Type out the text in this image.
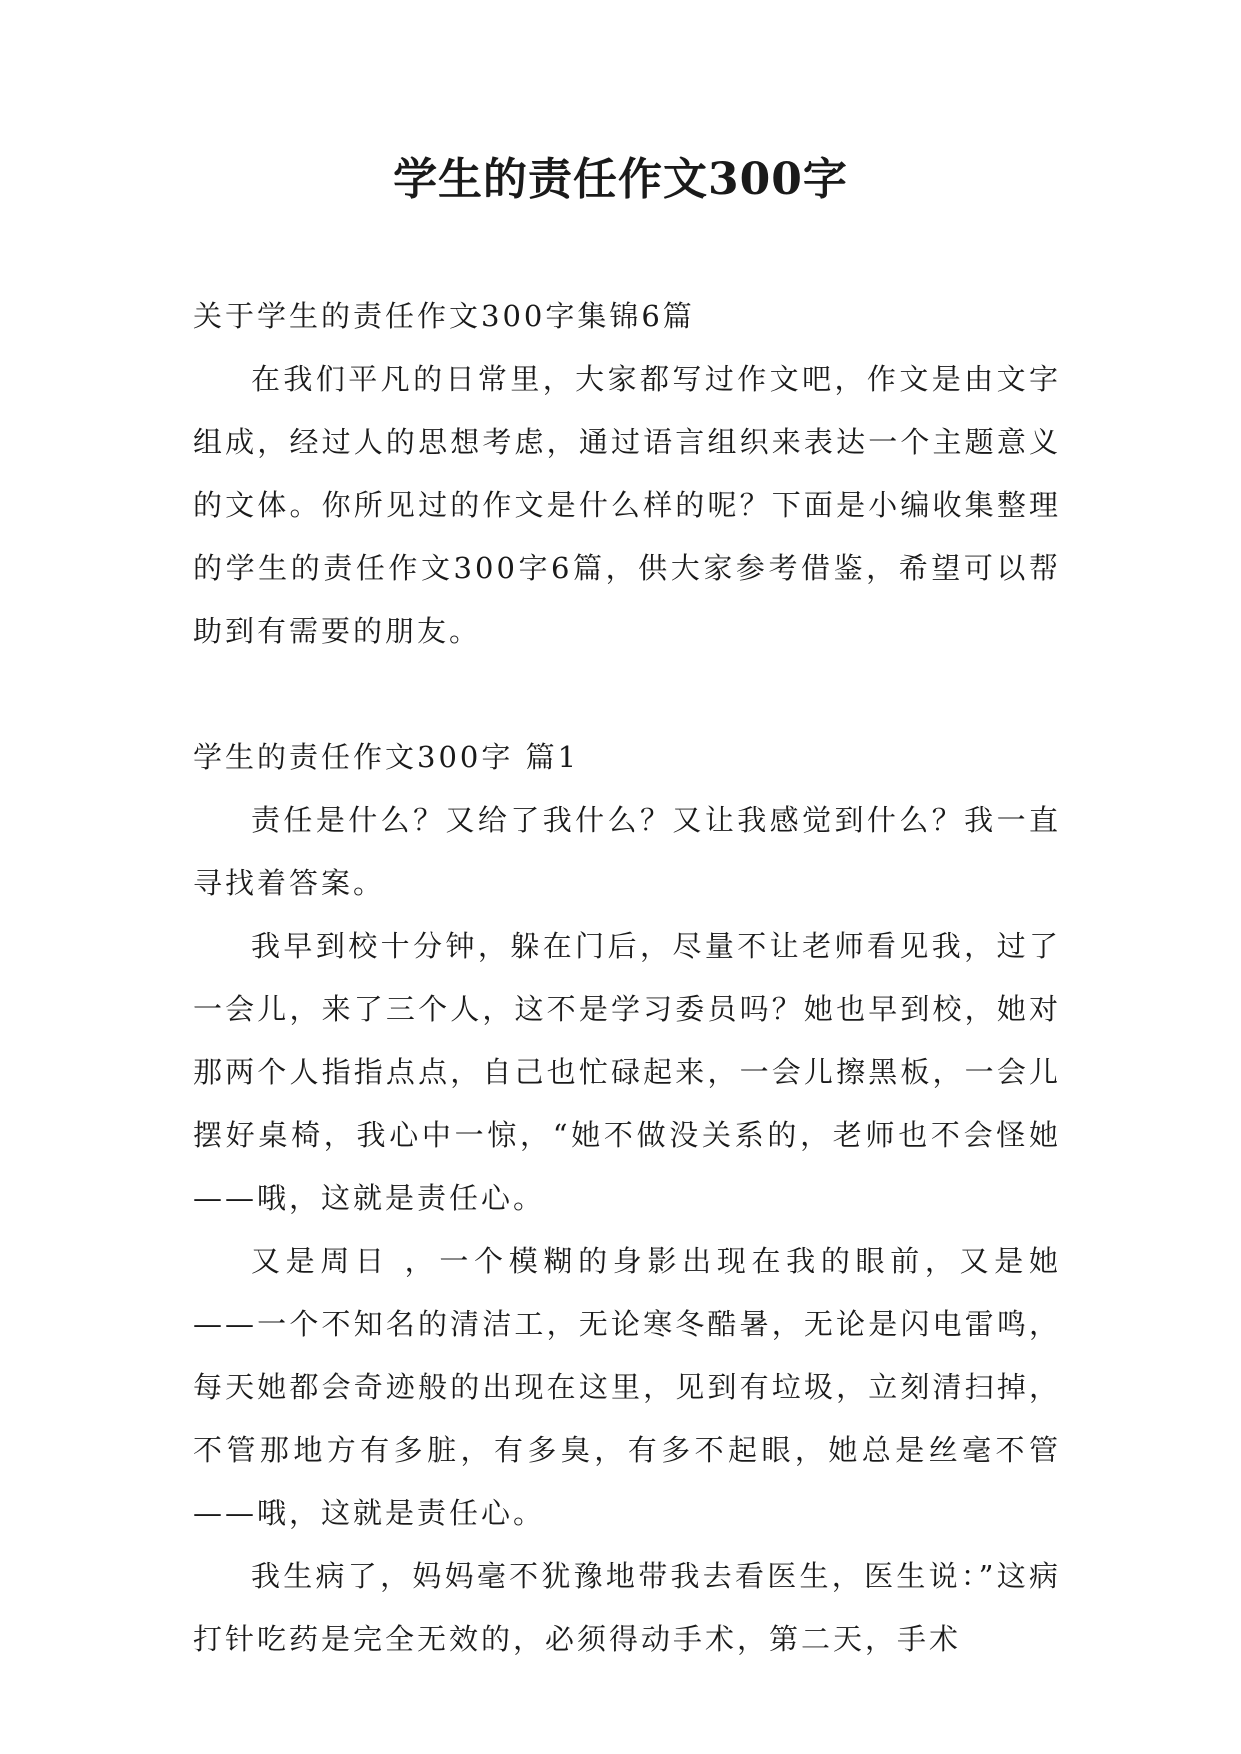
学生的责任作文300字

关于学生的责任作文300字集锦6篇

在我们平凡的日常里，大家都写过作文吧，作文是由文字组成，经过人的思想考虑，通过语言组织来表达一个主题意义的文体。你所见过的作文是什么样的呢？下面是小编收集整理的学生的责任作文300字6篇，供大家参考借鉴，希望可以帮助到有需要的朋友。

学生的责任作文300字 篇1

责任是什么？又给了我什么？又让我感觉到什么？我一直寻找着答案。

我早到校十分钟，躲在门后，尽量不让老师看见我，过了一会儿，来了三个人，这不是学习委员吗？她也早到校，她对那两个人指指点点，自己也忙碌起来，一会儿擦黑板，一会儿摆好桌椅，我心中一惊，“她不做没关系的，老师也不会怪她——哦，这就是责任心。

又是周日 ，一个模糊的身影出现在我的眼前，又是她——一个不知名的清洁工，无论寒冬酷暑，无论是闪电雷鸣，每天她都会奇迹般的出现在这里，见到有垃圾，立刻清扫掉，不管那地方有多脏，有多臭，有多不起眼，她总是丝毫不管——哦，这就是责任心。

我生病了，妈妈毫不犹豫地带我去看医生，医生说：”这病打针吃药是完全无效的，必须得动手术，第二天，手术
